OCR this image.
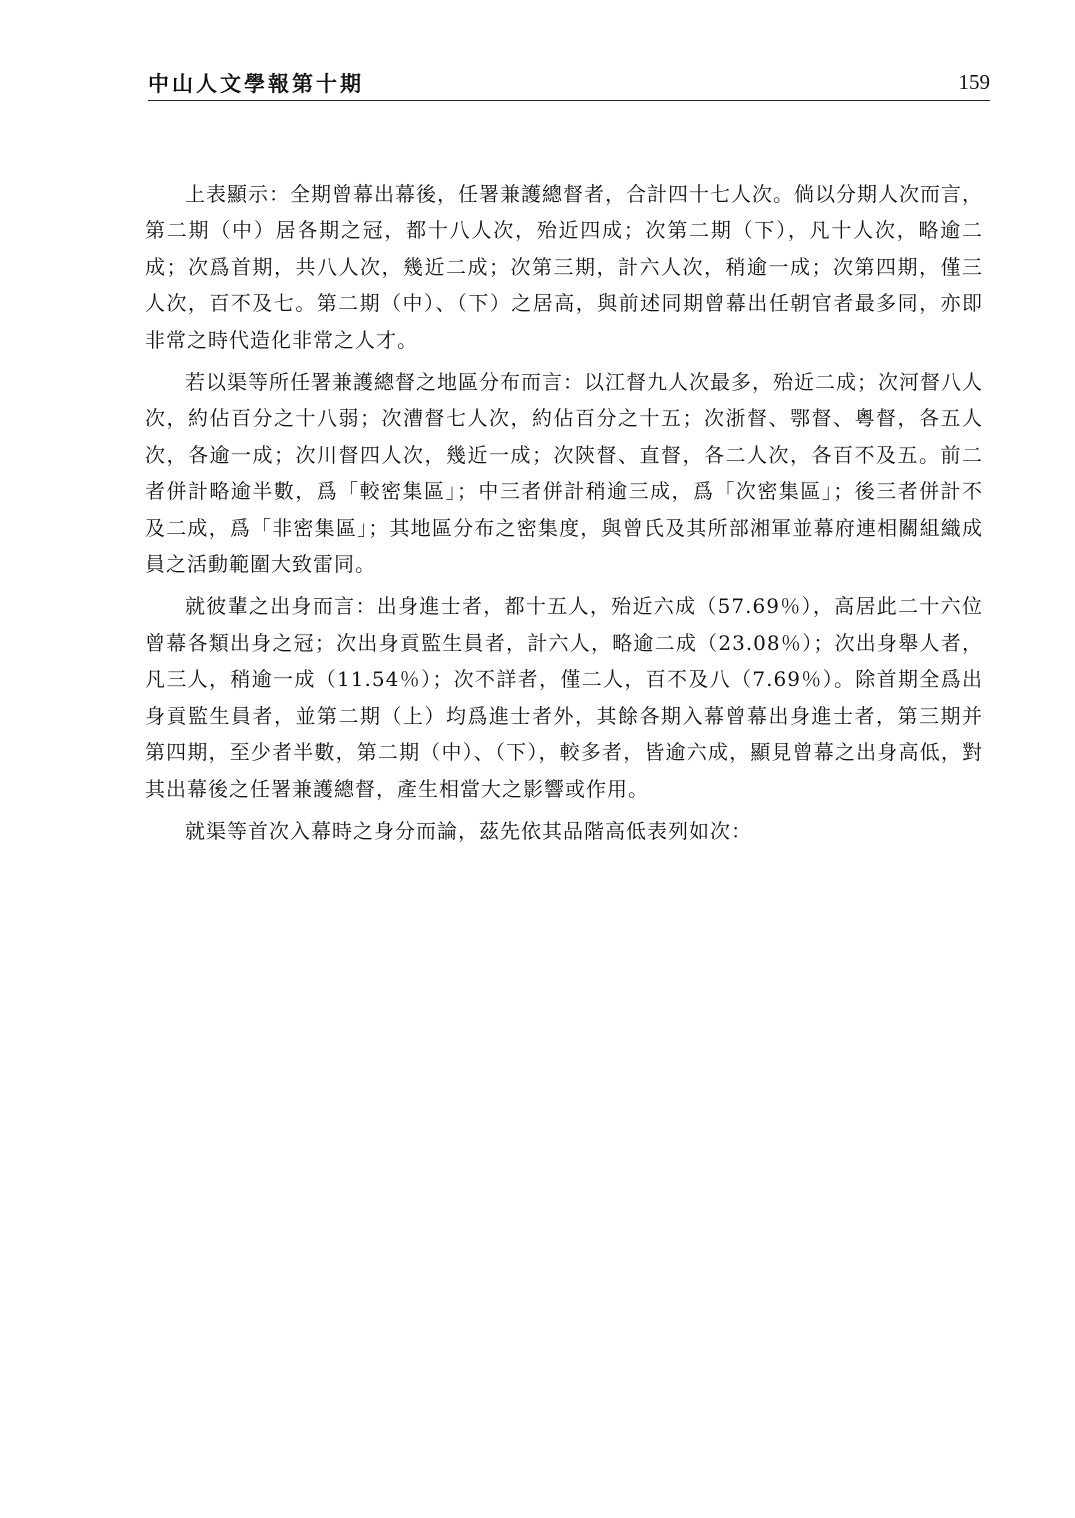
中山人文學報第十期	159

上表顯示：全期曾幕出幕後，任署兼護總督者，合計四十七人次。倘以分期人次而言，第二期（中）居各期之冠，都十八人次，殆近四成；次第二期（下），凡十人次，略逾二成；次爲首期，共八人次，幾近二成；次第三期，計六人次，稍逾一成；次第四期，僅三人次，百不及七。第二期（中）、（下）之居高，與前述同期曾幕出任朝官者最多同，亦即非常之時代造化非常之人才。

若以渠等所任署兼護總督之地區分布而言：以江督九人次最多，殆近二成；次河督八人次，約佔百分之十八弱；次漕督七人次，約佔百分之十五；次浙督、鄂督、粵督，各五人次，各逾一成；次川督四人次，幾近一成；次陝督、直督，各二人次，各百不及五。前二者併計略逾半數，爲「較密集區」；中三者併計稍逾三成，爲「次密集區」；後三者併計不及二成，爲「非密集區」；其地區分布之密集度，與曾氏及其所部湘軍並幕府連相關組織成員之活動範圍大致雷同。

就彼輩之出身而言：出身進士者，都十五人，殆近六成（57.69％），高居此二十六位曾幕各類出身之冠；次出身貢監生員者，計六人，略逾二成（23.08％）；次出身舉人者，凡三人，稍逾一成（11.54％）；次不詳者，僅二人，百不及八（7.69％）。除首期全爲出身貢監生員者，並第二期（上）均爲進士者外，其餘各期入幕曾幕出身進士者，第三期并第四期，至少者半數，第二期（中）、（下），較多者，皆逾六成，顯見曾幕之出身高低，對其出幕後之任署兼護總督，產生相當大之影響或作用。

就渠等首次入幕時之身分而論，茲先依其品階高低表列如次：
